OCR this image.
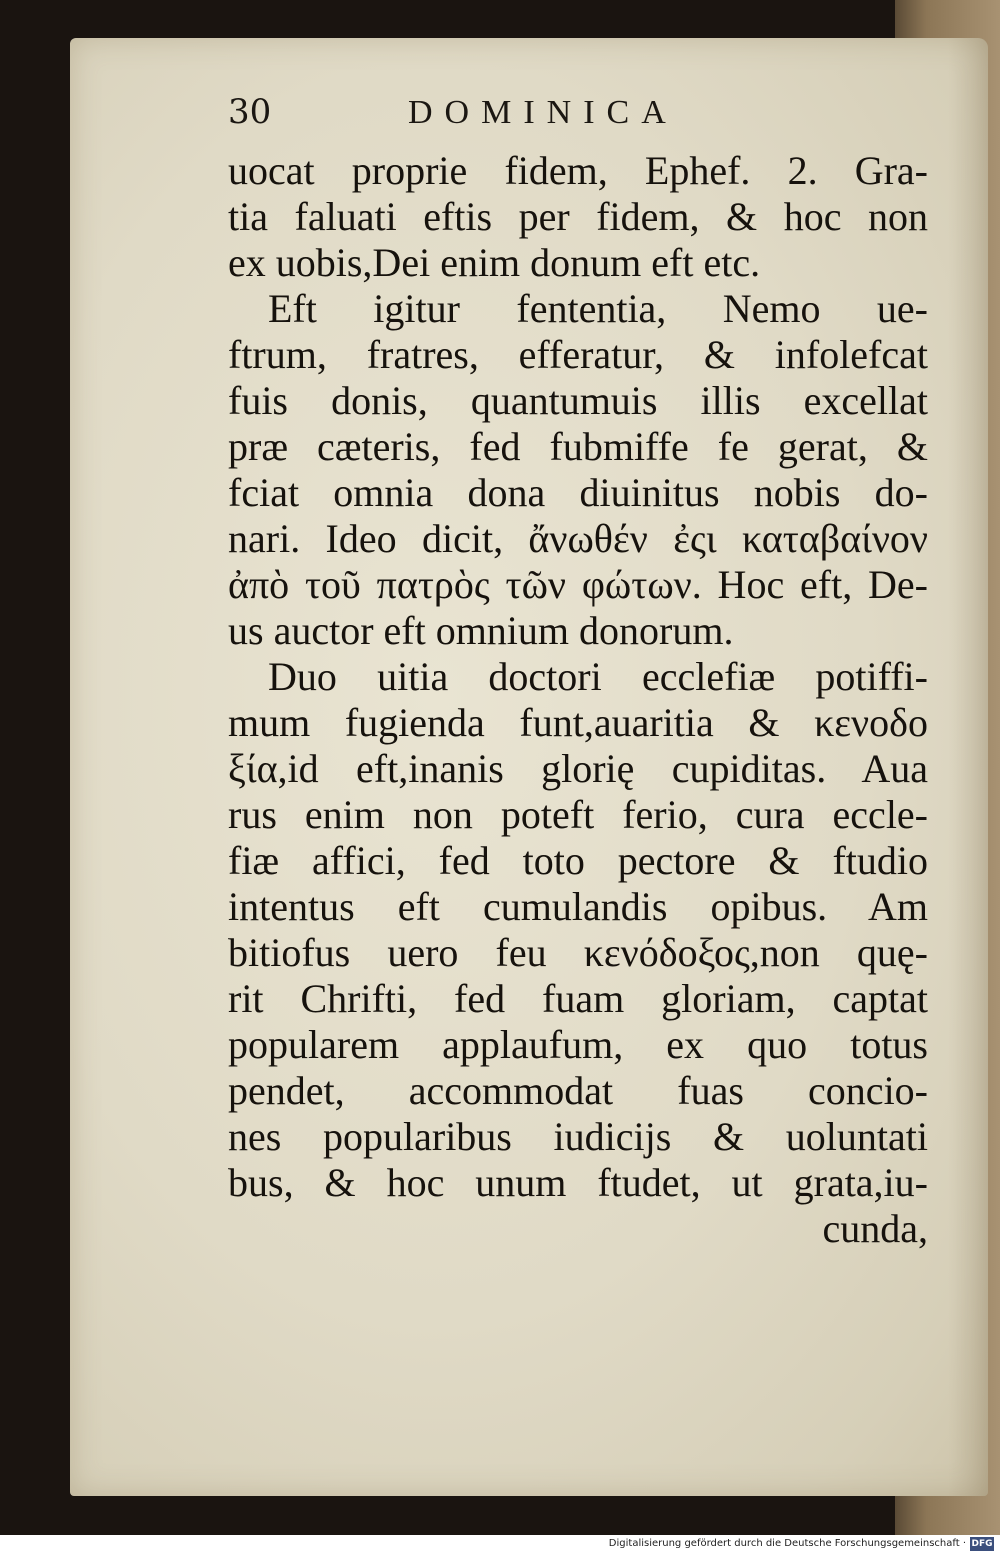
30	DOMINICA
uocat proprie fidem, Ephef. 2. Gra-
tia faluati eftis per fidem, & hoc non
ex uobis,Dei enim donum eft etc.
Eft igitur fententia, Nemo ue-
ftrum, fratres, efferatur, & infolefcat
fuis donis, quantumuis illis excellat
præ cæteris, fed fubmiffe fe gerat, &
fciat omnia dona diuinitus nobis do-
nari. Ideo dicit, ἄνωθέν ἐςι καταβαίνον
ἀπὸ τοῦ πατρὸς τῶν φώτων. Hoc eft, De-
us auctor eft omnium donorum.
Duo uitia doctori ecclefiæ potiffi-
mum fugienda funt,auaritia & κενοδο
ξία,id eft,inanis glorię cupiditas. Aua
rus enim non poteft ferio, cura eccle-
fiæ affici, fed toto pectore & ftudio
intentus eft cumulandis opibus. Am
bitiofus uero feu κενόδοξος,non quę-
rit Chrifti, fed fuam gloriam, captat
popularem applaufum, ex quo totus
pendet, accommodat fuas concio-
nes popularibus iudicijs & uoluntati
bus, & hoc unum ftudet, ut grata,iu-
cunda,
Digitalisierung gefördert durch die Deutsche Forschungsgemeinschaft · DFG
